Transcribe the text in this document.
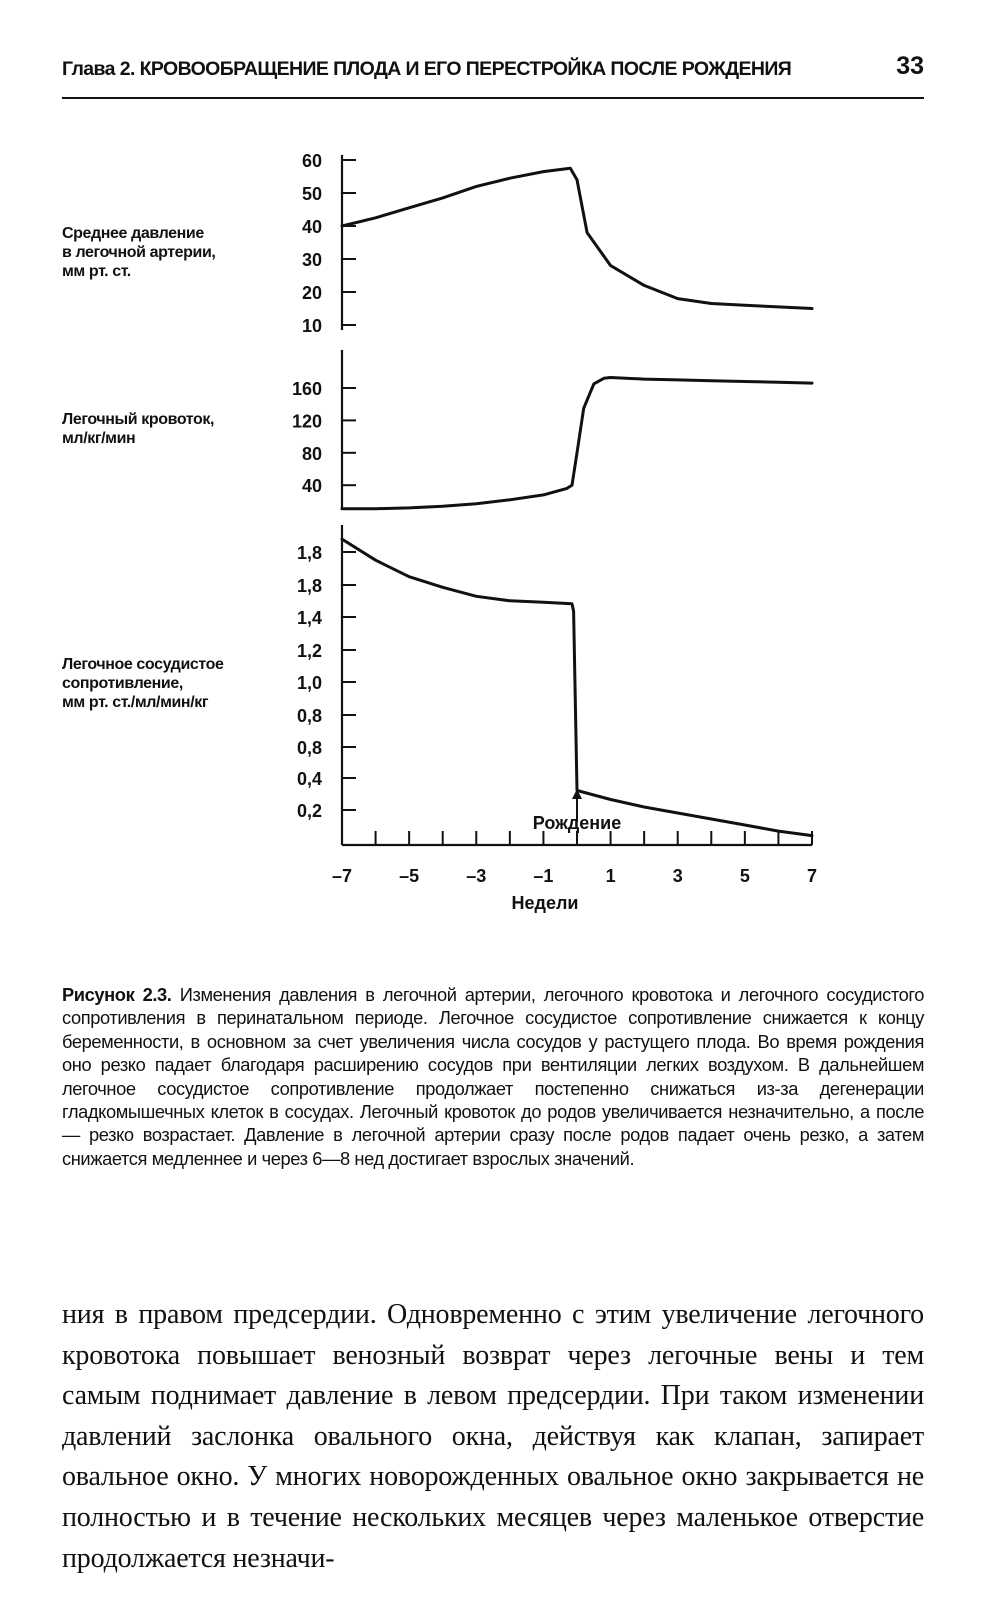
Глава 2. КРОВООБРАЩЕНИЕ ПЛОДА И ЕГО ПЕРЕСТРОЙКА ПОСЛЕ РОЖДЕНИЯ	33
Среднее давление
в легочной артерии,
мм рт. ст.
Легочный кровоток,
мл/кг/мин
Легочное сосудистое
сопротивление,
мм рт. ст./мл/мин/кг
60
50
40
30
20
10
160
120
80
40
1,8
1,8
1,4
1,2
1,0
0,8
0,8
0,4
0,2
–7	–5	–3	–1	1	3	5	7
Недели
Рождение
Рисунок 2.3. Изменения давления в легочной артерии, легочного кровотока и легочного сосудистого сопротивления в перинатальном периоде. Легочное сосудистое сопротивление снижается к концу беременности, в основном за счет увеличения числа сосудов у растущего плода. Во время рождения оно резко падает благодаря расширению сосудов при вентиляции легких воздухом. В дальнейшем легочное сосудистое сопротивление продолжает постепенно снижаться из-за дегенерации гладкомышечных клеток в сосудах. Легочный кровоток до родов увеличивается незначительно, а после — резко возрастает. Давление в легочной артерии сразу после родов падает очень резко, а затем снижается медленнее и через 6—8 нед достигает взрослых значений.
ния в правом предсердии. Одновременно с этим увеличение легочного кровотока повышает венозный возврат через легочные вены и тем самым поднимает давление в левом предсердии. При таком изменении давлений заслонка овального окна, действуя как клапан, запирает овальное окно. У многих новорожденных овальное окно закрывается не полностью и в течение нескольких месяцев через маленькое отверстие продолжается незначи-
